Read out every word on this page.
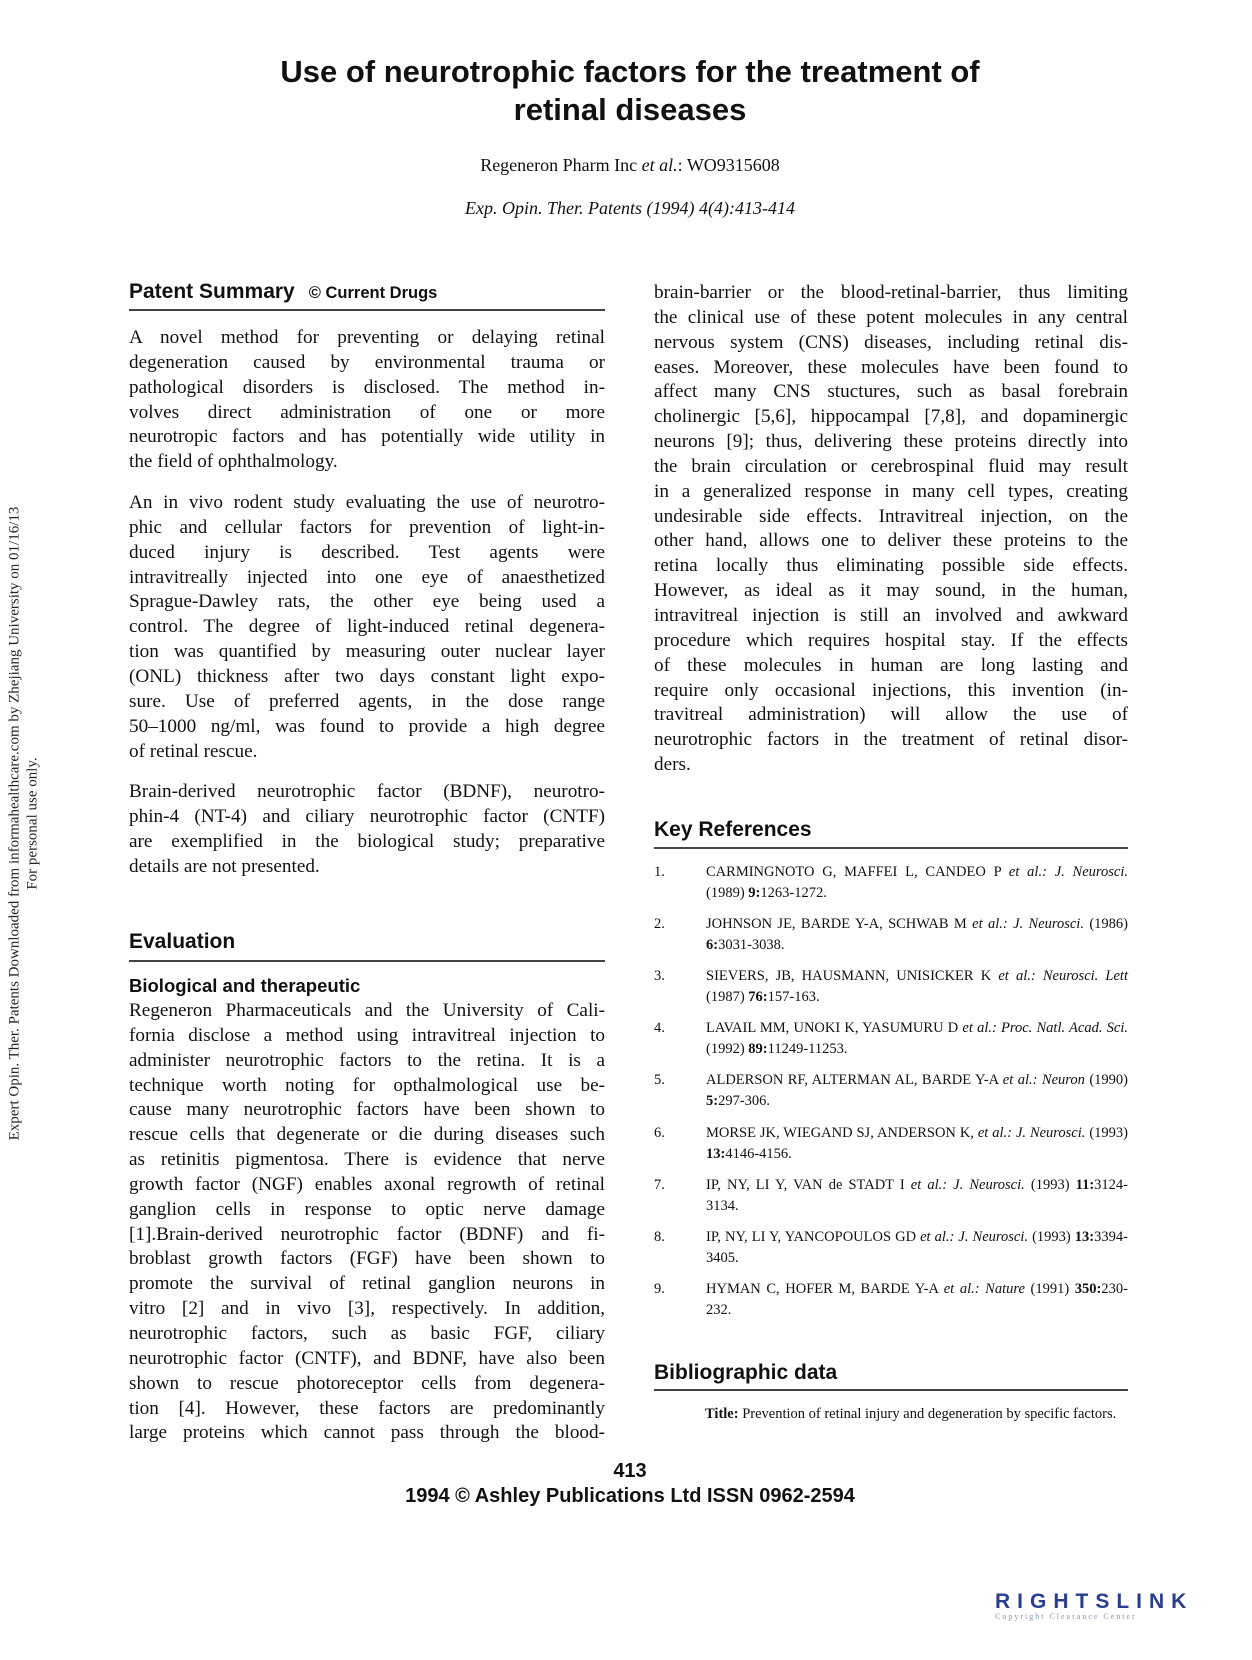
Expert Opin. Ther. Patents Downloaded from informahealthcare.com by Zhejiang University on 01/16/13 For personal use only.
Use of neurotrophic factors for the treatment of
retinal diseases
Regeneron Pharm Inc et al.: WO9315608
Exp. Opin. Ther. Patents (1994) 4(4):413-414
Patent Summary © Current Drugs
A novel method for preventing or delaying retinal
degeneration caused by environmental trauma or
pathological disorders is disclosed. The method in-
volves direct administration of one or more
neurotropic factors and has potentially wide utility in
the field of ophthalmology.
An in vivo rodent study evaluating the use of neurotro-
phic and cellular factors for prevention of light-in-
duced injury is described. Test agents were
intravitreally injected into one eye of anaesthetized
Sprague-Dawley rats, the other eye being used a
control. The degree of light-induced retinal degenera-
tion was quantified by measuring outer nuclear layer
(ONL) thickness after two days constant light expo-
sure. Use of preferred agents, in the dose range
50–1000 ng/ml, was found to provide a high degree
of retinal rescue.
Brain-derived neurotrophic factor (BDNF), neurotro-
phin-4 (NT-4) and ciliary neurotrophic factor (CNTF)
are exemplified in the biological study; preparative
details are not presented.
Evaluation
Biological and therapeutic
Regeneron Pharmaceuticals and the University of Cali-
fornia disclose a method using intravitreal injection to
administer neurotrophic factors to the retina. It is a
technique worth noting for opthalmological use be-
cause many neurotrophic factors have been shown to
rescue cells that degenerate or die during diseases such
as retinitis pigmentosa. There is evidence that nerve
growth factor (NGF) enables axonal regrowth of retinal
ganglion cells in response to optic nerve damage
[1].Brain-derived neurotrophic factor (BDNF) and fi-
broblast growth factors (FGF) have been shown to
promote the survival of retinal ganglion neurons in
vitro [2] and in vivo [3], respectively. In addition,
neurotrophic factors, such as basic FGF, ciliary
neurotrophic factor (CNTF), and BDNF, have also been
shown to rescue photoreceptor cells from degenera-
tion [4]. However, these factors are predominantly
large proteins which cannot pass through the blood-
brain-barrier or the blood-retinal-barrier, thus limiting
the clinical use of these potent molecules in any central
nervous system (CNS) diseases, including retinal dis-
eases. Moreover, these molecules have been found to
affect many CNS stuctures, such as basal forebrain
cholinergic [5,6], hippocampal [7,8], and dopaminergic
neurons [9]; thus, delivering these proteins directly into
the brain circulation or cerebrospinal fluid may result
in a generalized response in many cell types, creating
undesirable side effects. Intravitreal injection, on the
other hand, allows one to deliver these proteins to the
retina locally thus eliminating possible side effects.
However, as ideal as it may sound, in the human,
intravitreal injection is still an involved and awkward
procedure which requires hospital stay. If the effects
of these molecules in human are long lasting and
require only occasional injections, this invention (in-
travitreal administration) will allow the use of
neurotrophic factors in the treatment of retinal disor-
ders.
Key References
1.	CARMINGNOTO G, MAFFEI L, CANDEO P et al.: J. Neurosci. (1989) 9:1263-1272.
2.	JOHNSON JE, BARDE Y-A, SCHWAB M et al.: J. Neurosci. (1986) 6:3031-3038.
3.	SIEVERS, JB, HAUSMANN, UNISICKER K et al.: Neurosci. Lett (1987) 76:157-163.
4.	LAVAIL MM, UNOKI K, YASUMURU D et al.: Proc. Natl. Acad. Sci. (1992) 89:11249-11253.
5.	ALDERSON RF, ALTERMAN AL, BARDE Y-A et al.: Neuron (1990) 5:297-306.
6.	MORSE JK, WIEGAND SJ, ANDERSON K, et al.: J. Neurosci. (1993) 13:4146-4156.
7.	IP, NY, LI Y, VAN de STADT I et al.: J. Neurosci. (1993) 11:3124-3134.
8.	IP, NY, LI Y, YANCOPOULOS GD et al.: J. Neurosci. (1993) 13:3394-3405.
9.	HYMAN C, HOFER M, BARDE Y-A et al.: Nature (1991) 350:230-232.
Bibliographic data
Title: Prevention of retinal injury and degeneration by specific factors.
413
1994 © Ashley Publications Ltd ISSN 0962-2594
RIGHTSLINK
Copyright Clearance Center
